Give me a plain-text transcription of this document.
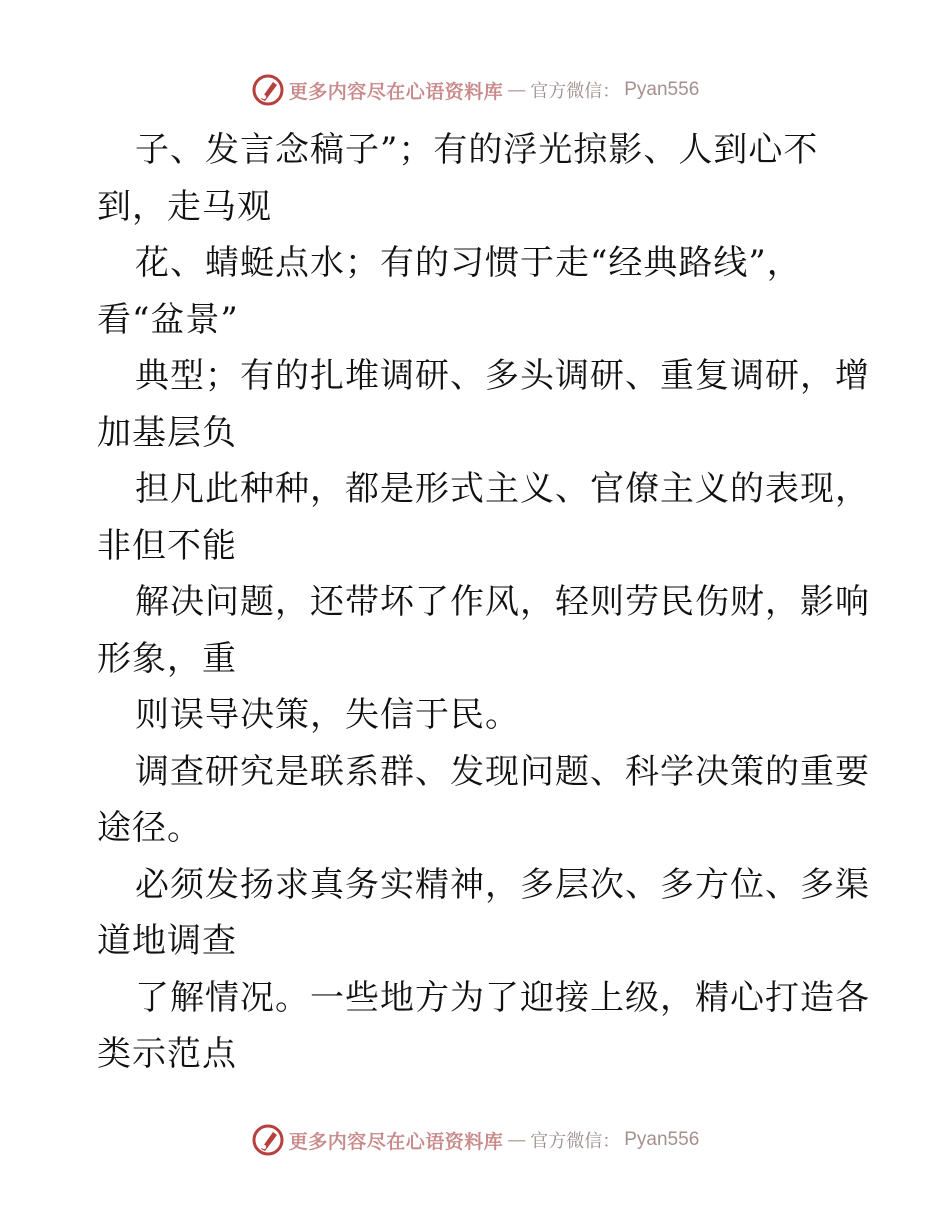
更多内容尽在心语资料库 — 官方微信： Pyan556
子、发言念稿子”；有的浮光掠影、人到心不
到，走马观
花、蜻蜓点水；有的习惯于走“经典路线”，
看“盆景”
典型；有的扎堆调研、多头调研、重复调研，增
加基层负
担凡此种种，都是形式主义、官僚主义的表现，
非但不能
解决问题，还带坏了作风，轻则劳民伤财，影响
形象，重
则误导决策，失信于民。
调查研究是联系群、发现问题、科学决策的重要
途径。
必须发扬求真务实精神，多层次、多方位、多渠
道地调查
了解情况。一些地方为了迎接上级，精心打造各
类示范点
更多内容尽在心语资料库 — 官方微信： Pyan556
